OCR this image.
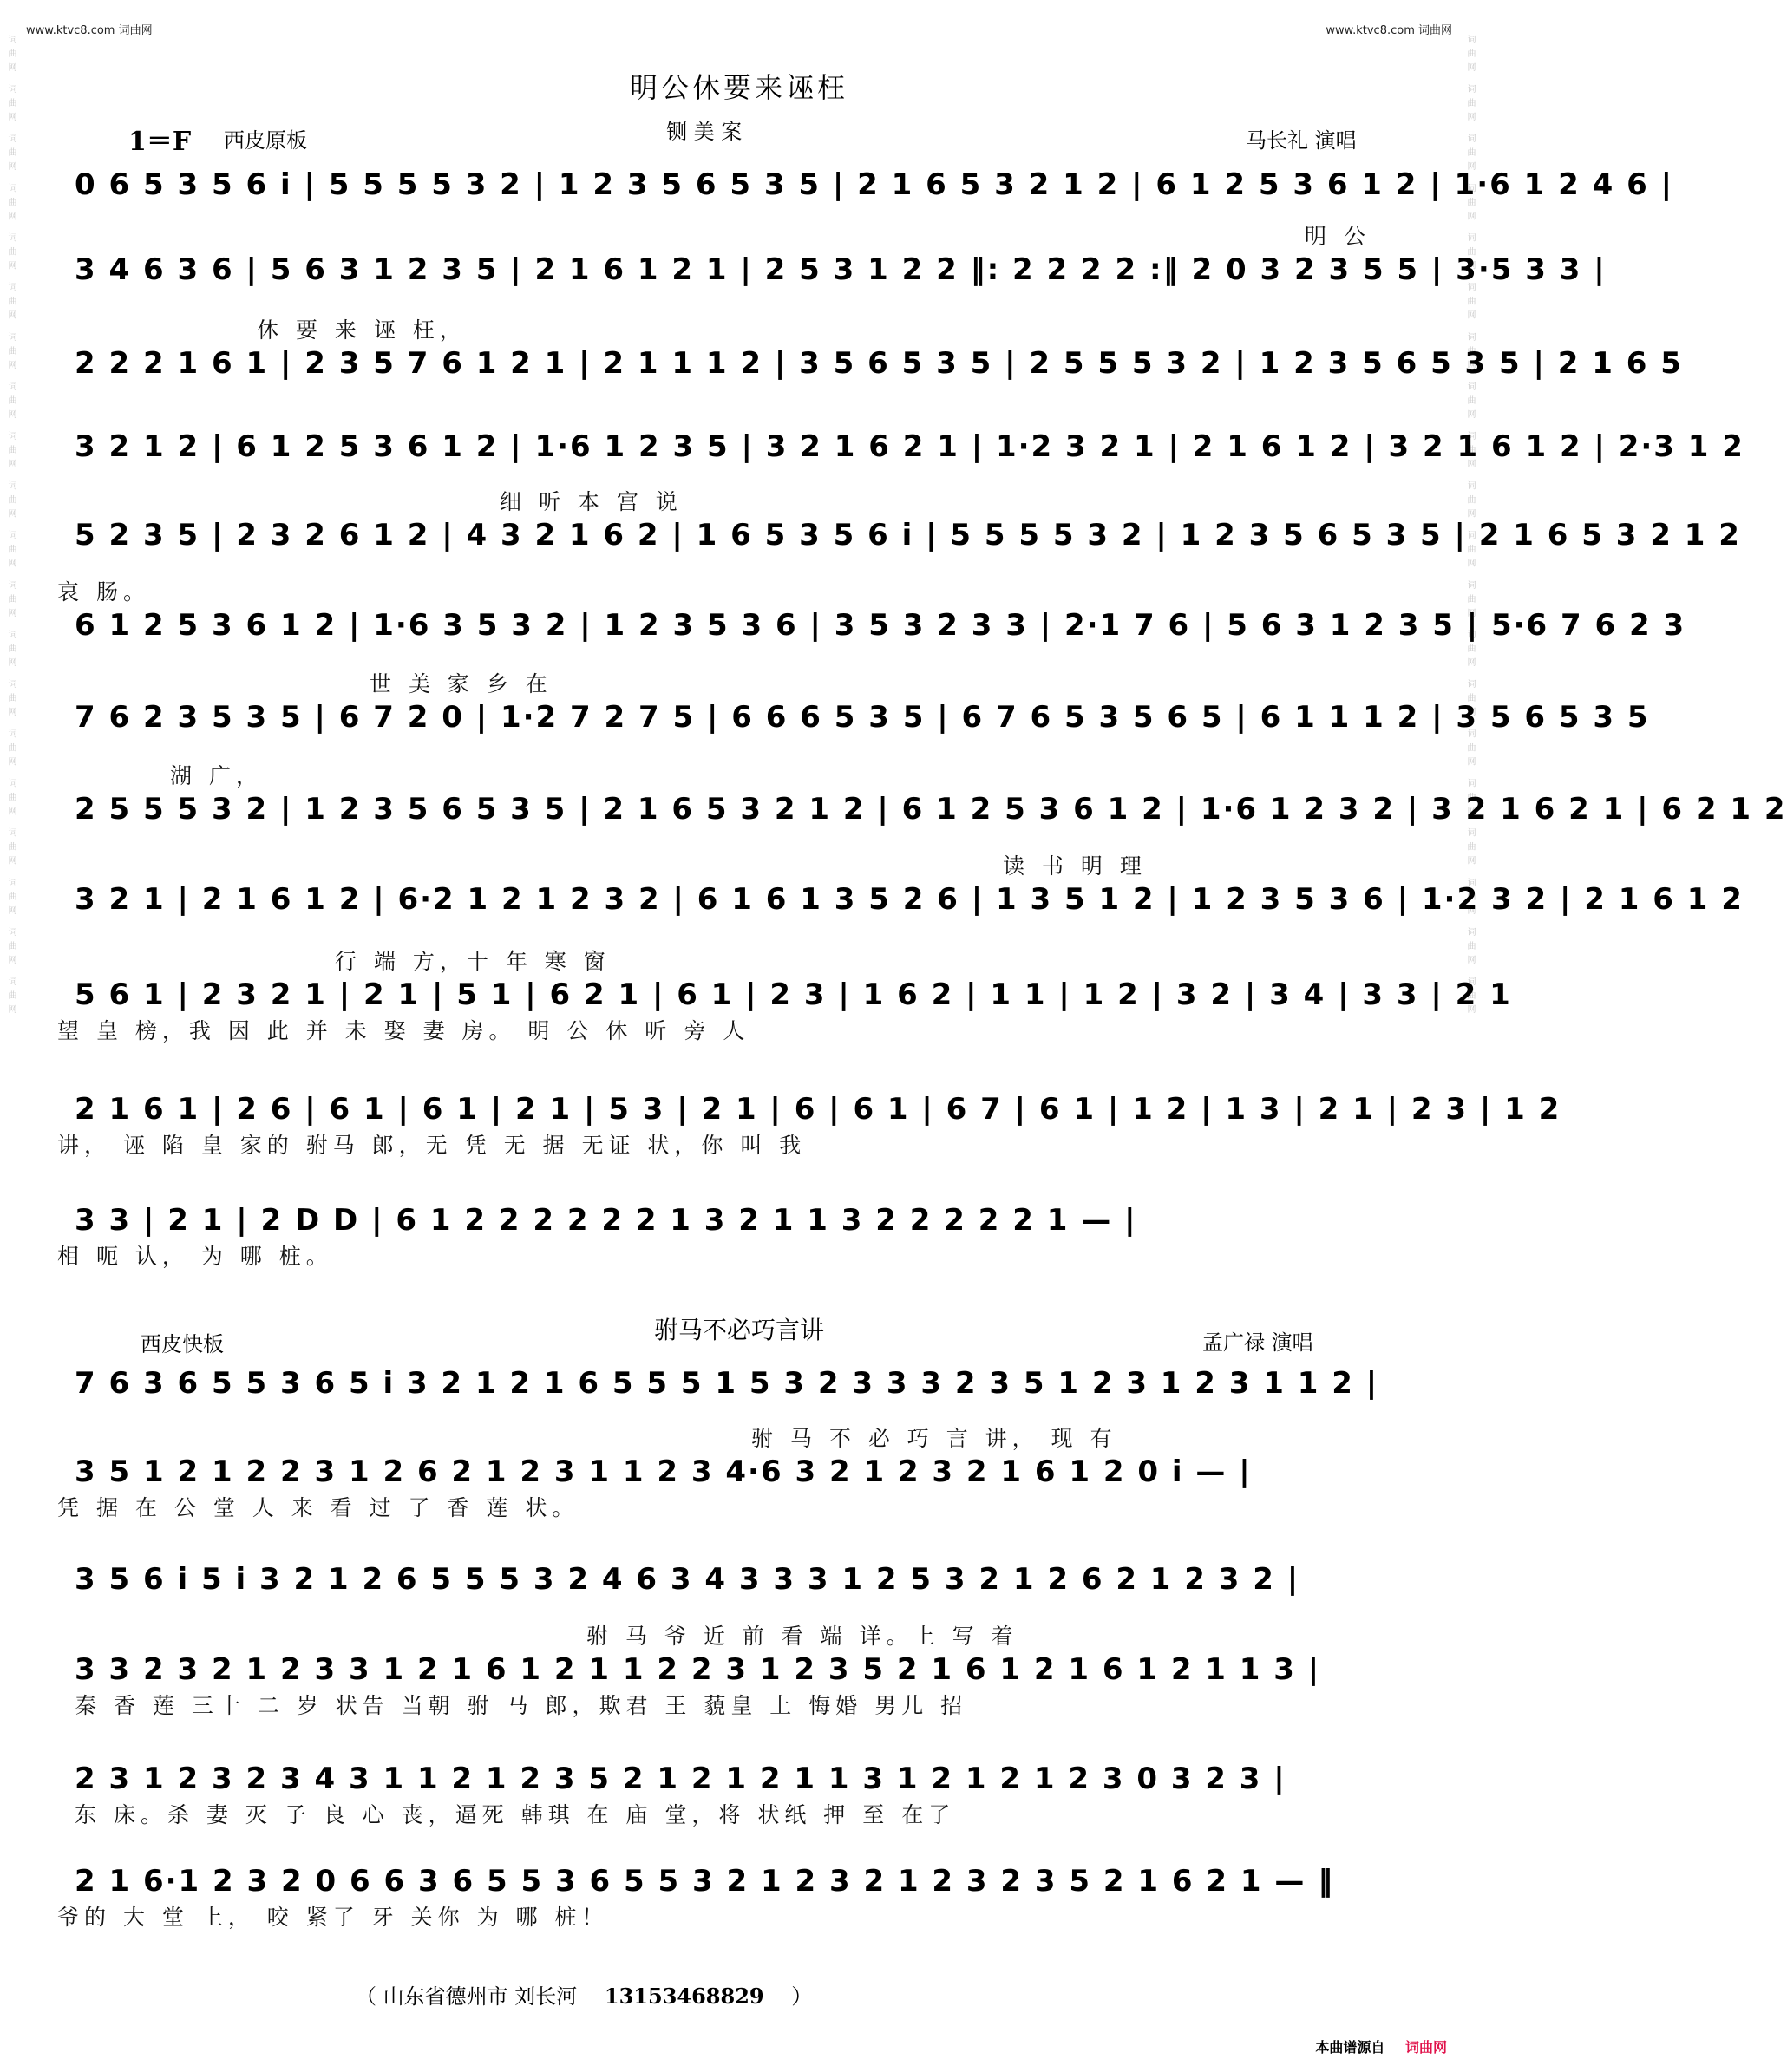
词曲网 词曲网 词曲网 词曲网 词曲网 词曲网 词曲网 词曲网 词曲网 词曲网 词曲网 词曲网 词曲网 词曲网 词曲网 词曲网 词曲网 词曲网 词曲网 词曲网	词曲网 词曲网 词曲网 词曲网 词曲网 词曲网 词曲网 词曲网 词曲网 词曲网 词曲网 词曲网 词曲网 词曲网 词曲网 词曲网 词曲网 词曲网 词曲网 词曲网
www.ktvc8.com 词曲网	www.ktvc8.com 词曲网
明公休要来诬枉
1＝F 西皮原板	铡 美 案	马长礼 演唱
0 6 5 3 5 6 i | 5 5 5 5 3 2 | 1 2 3 5 6 5 3 5 | 2 1 6 5 3 2 1 2 | 6 1 2 5 3 6 1 2 | 1·6 1 2 4 6 |
明 公
3 4 6 3 6 | 5 6 3 1 2 3 5 | 2 1 6 1 2 1 | 2 5 3 1 2 2 ‖: 2 2 2 2 :‖ 2 0 3 2 3 5 5 | 3·5 3 3 |
休 要 来 诬 枉，
2 2 2 1 6 1 | 2 3 5 7 6 1 2 1 | 2 1 1 1 2 | 3 5 6 5 3 5 | 2 5 5 5 3 2 | 1 2 3 5 6 5 3 5 | 2 1 6 5
3 2 1 2 | 6 1 2 5 3 6 1 2 | 1·6 1 2 3 5 | 3 2 1 6 2 1 | 1·2 3 2 1 | 2 1 6 1 2 | 3 2 1 6 1 2 | 2·3 1 2
细 听 本 宫 说
5 2 3 5 | 2 3 2 6 1 2 | 4 3 2 1 6 2 | 1 6 5 3 5 6 i | 5 5 5 5 3 2 | 1 2 3 5 6 5 3 5 | 2 1 6 5 3 2 1 2
哀 肠。
6 1 2 5 3 6 1 2 | 1·6 3 5 3 2 | 1 2 3 5 3 6 | 3 5 3 2 3 3 | 2·1 7 6 | 5 6 3 1 2 3 5 | 5·6 7 6 2 3
世 美 家 乡 在
7 6 2 3 5 3 5 | 6 7 2 0 | 1·2 7 2 7 5 | 6 6 6 5 3 5 | 6 7 6 5 3 5 6 5 | 6 1 1 1 2 | 3 5 6 5 3 5
湖 广，
2 5 5 5 3 2 | 1 2 3 5 6 5 3 5 | 2 1 6 5 3 2 1 2 | 6 1 2 5 3 6 1 2 | 1·6 1 2 3 2 | 3 2 1 6 2 1 | 6 2 1 2
读 书 明 理
3 2 1 | 2 1 6 1 2 | 6·2 1 2 1 2 3 2 | 6 1 6 1 3 5 2 6 | 1 3 5 1 2 | 1 2 3 5 3 6 | 1·2 3 2 | 2 1 6 1 2
行 端 方，十 年 寒 窗
5 6 1 | 2 3 2 1 | 2 1 | 5 1 | 6 2 1 | 6 1 | 2 3 | 1 6 2 | 1 1 | 1 2 | 3 2 | 3 4 | 3 3 | 2 1
望 皇 榜，我 因 此 并 未 娶 妻 房。 明 公 休 听 旁 人
2 1 6 1 | 2 6 | 6 1 | 6 1 | 2 1 | 5 3 | 2 1 | 6 | 6 1 | 6 7 | 6 1 | 1 2 | 1 3 | 2 1 | 2 3 | 1 2
讲， 诬 陷 皇 家的 驸马 郎，无 凭 无 据 无证 状，你 叫 我
3 3 | 2 1 | 2 D D | 6 1 2 2 2 2 2 2 1 3 2 1 1 3 2 2 2 2 2 1 — |
相 呃 认， 为 哪 桩。
驸马不必巧言讲
西皮快板	孟广禄 演唱
7 6 3 6 5 5 3 6 5 i 3 2 1 2 1 6 5 5 5 1 5 3 2 3 3 3 2 3 5 1 2 3 1 2 3 1 1 2 |
驸 马 不 必 巧 言 讲， 现 有
3 5 1 2 1 2 2 3 1 2 6 2 1 2 3 1 1 2 3 4·6 3 2 1 2 3 2 1 6 1 2 0 i — |
凭 据 在 公 堂 人 来 看 过 了 香 莲 状。
3 5 6 i 5 i 3 2 1 2 6 5 5 5 3 2 4 6 3 4 3 3 3 1 2 5 3 2 1 2 6 2 1 2 3 2 |
驸 马 爷 近 前 看 端 详。上 写 着
3 3 2 3 2 1 2 3 3 1 2 1 6 1 2 1 1 2 2 3 1 2 3 5 2 1 6 1 2 1 6 1 2 1 1 3 |
秦 香 莲 三十 二 岁 状告 当朝 驸 马 郎，欺君 王 藐皇 上 悔婚 男儿 招
2 3 1 2 3 2 3 4 3 1 1 2 1 2 3 5 2 1 2 1 2 1 1 3 1 2 1 2 1 2 3 0 3 2 3 |
东 床。杀 妻 灭 子 良 心 丧，逼死 韩琪 在 庙 堂，将 状纸 押 至 在了
2 1 6·1 2 3 2 0 6 6 3 6 5 5 3 6 5 5 3 2 1 2 3 2 1 2 3 2 3 5 2 1 6 2 1 — ‖
爷的 大 堂 上， 咬 紧了 牙 关你 为 哪 桩！
（ 山东省德州市 刘长河 13153468829 ）
本曲谱源自 词曲网
